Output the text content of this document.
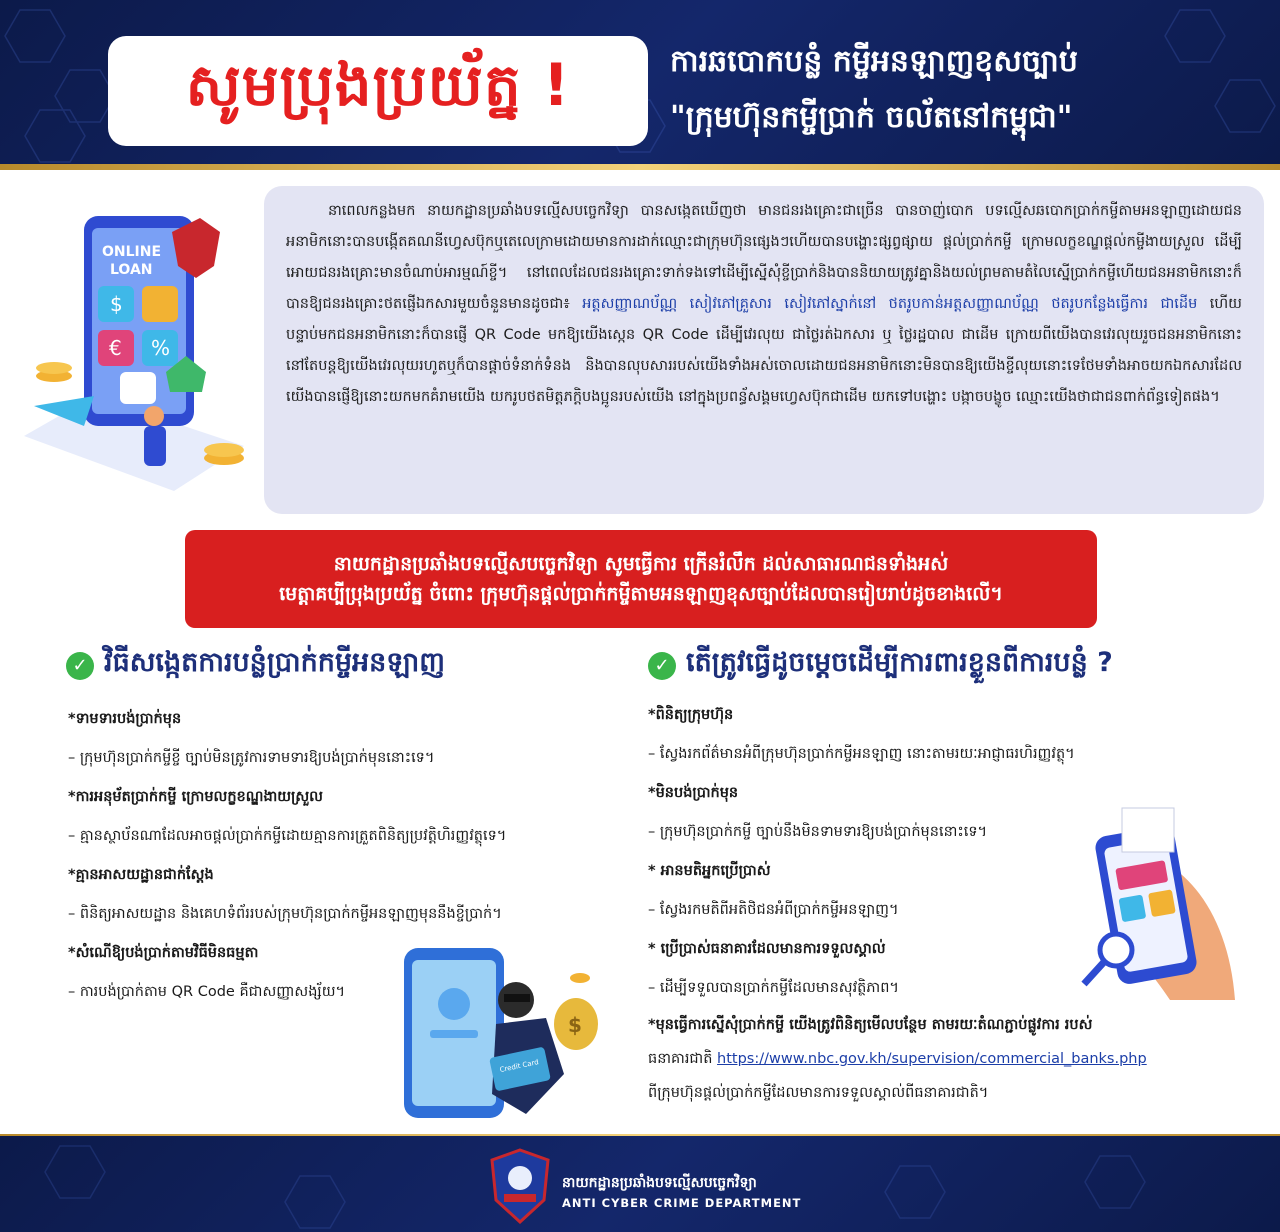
សូមប្រុងប្រយ័ត្ន !	ការឆបោកបន្លំ កម្ចីអនឡាញខុសច្បាប់
"ក្រុមហ៊ុនកម្ចីប្រាក់ ចល័តនៅកម្ពុជា"
ONLINE
LOAN
$
€ %
នាពេលកន្លងមក នាយកដ្ឋានប្រឆាំងបទល្មើសបច្ចេកវិទ្យា បានសង្កេតឃើញថា មានជនរងគ្រោះជាច្រើន បានចាញ់បោក បទល្មើសឆបោកប្រាក់កម្ចីតាមអនឡាញដោយជនអនាមិកនោះបានបង្កើតគណនីហ្វេសប៊ុកឬតេលេក្រាមដោយមានការដាក់ឈ្មោះជាក្រុមហ៊ុនផ្សេងៗហើយបានបង្ហោះផ្សព្វផ្សាយ ផ្តល់ប្រាក់កម្ចី ក្រោមលក្ខខណ្ឌផ្តល់កម្ចីងាយស្រួល ដើម្បីអោយជនរងគ្រោះមានចំណាប់អារម្មណ៍ខ្ចី។ នៅពេលដែលជនរងគ្រោះទាក់ទងទៅដើម្បីស្នើសុំខ្ចីប្រាក់និងបាននិយាយត្រូវគ្នានិងយល់ព្រមតាមតំលៃស្នើប្រាក់កម្ចីហើយជនអនាមិកនោះក៏បានឱ្យជនរងគ្រោះថតផ្ញើឯកសារមួយចំនួនមានដូចជា៖ អត្តសញ្ញាណប័ណ្ណ សៀវភៅគ្រួសារ សៀវភៅស្នាក់នៅ ថតរូបកាន់អត្តសញ្ញាណប័ណ្ណ ថតរូបកន្លែងធ្វើការ ជាដើម ហើយបន្ទាប់មកជនអនាមិកនោះក៏បានផ្ញើ QR Code មកឱ្យយើងស្កេន QR Code ដើម្បីវេរលុយ ជាថ្លៃរត់ឯកសារ ឬ ថ្លៃរដ្ឋបាល ជាដើម ក្រោយពីយើងបានវេរលុយរួចជនអនាមិកនោះនៅតែបន្តឱ្យយើងវេរលុយរហូតឬក៏បានផ្តាច់ទំនាក់ទំនង និងបានលុបសាររបស់យើងទាំងអស់ចោលដោយជនអនាមិកនោះមិនបានឱ្យយើងខ្ចីលុយនោះទេថែមទាំងអាចយកឯកសារដែលយើងបានផ្ញើឱ្យនោះយកមកគំរាមយើង យករូបថតមិត្តភក្តិបងប្អូនរបស់យើង នៅក្នុងប្រពន្ធ័សង្គមហ្វេសប៊ុកជាដើម យកទៅបង្ហោះ បង្កាចបង្ខូច ឈ្មោះយើងថាជាជនពាក់ព័ន្ធទៀតផង។
នាយកដ្ឋានប្រឆាំងបទល្មើសបច្ចេកវិទ្យា សូមធ្វើការ ក្រើនរំលឹក ដល់សាធារណជនទាំងអស់
មេត្តាគប្បីប្រុងប្រយ័ត្ន ចំពោះ ក្រុមហ៊ុនផ្តល់ប្រាក់កម្ចីតាមអនឡាញខុសច្បាប់ដែលបានរៀបរាប់ដូចខាងលើ។
✓ វិធីសង្កេតការបន្លំប្រាក់កម្ចីអនឡាញ
*ទាមទារបង់ប្រាក់មុន
– ក្រុមហ៊ុនប្រាក់កម្ចីខ្ចី ច្បាប់មិនត្រូវការទាមទារឱ្យបង់ប្រាក់មុននោះទេ។
*ការអនុម័តប្រាក់កម្ចី ក្រោមលក្ខខណ្ឌងាយស្រួល
– គ្មានស្ថាប័នណាដែលអាចផ្តល់ប្រាក់កម្ចីដោយគ្មានការត្រួតពិនិត្យប្រវត្តិហិរញ្ញវត្ថុទេ។
*គ្មានអាសយដ្ឋានជាក់ស្តែង
– ពិនិត្យអាសយដ្ឋាន និងគេហទំព័ររបស់ក្រុមហ៊ុនប្រាក់កម្ចីអនឡាញមុននឹងខ្ចីប្រាក់។
*សំណើឱ្យបង់ប្រាក់តាមវិធីមិនធម្មតា
– ការបង់ប្រាក់តាម QR Code គឺជាសញ្ញាសង្ស័យ។
Credit Card
$
✓ តើត្រូវធ្វើដូចម្តេចដើម្បីការពារខ្លួនពីការបន្លំ ?
*ពិនិត្យក្រុមហ៊ុន
– ស្វែងរកព័ត៌មានអំពីក្រុមហ៊ុនប្រាក់កម្ចីអនឡាញ នោះតាមរយៈអាជ្ញាធរហិរញ្ញវត្ថុ។
*មិនបង់ប្រាក់មុន
– ក្រុមហ៊ុនប្រាក់កម្ចី ច្បាប់នឹងមិនទាមទារឱ្យបង់ប្រាក់មុននោះទេ។
* អានមតិអ្នកប្រើប្រាស់
– ស្វែងរកមតិពីអតិថិជនអំពីប្រាក់កម្ចីអនឡាញ។
* ប្រើប្រាស់ធនាគារដែលមានការទទួលស្គាល់
– ដើម្បីទទួលបានប្រាក់កម្ចីដែលមានសុវត្ថិភាព។
*មុនធ្វើការស្នើសុំប្រាក់កម្ចី យើងត្រូវពិនិត្យមើលបន្ថែម តាមរយៈតំណភ្ជាប់ផ្លូវការ របស់
ធនាគារជាតិ https://www.nbc.gov.kh/supervision/commercial_banks.php
ពីក្រុមហ៊ុនផ្តល់ប្រាក់កម្ចីដែលមានការទទួលស្គាល់ពីធនាគារជាតិ។
នាយកដ្ឋានប្រឆាំងបទល្មើសបច្ចេកវិទ្យា
ANTI CYBER CRIME DEPARTMENT
